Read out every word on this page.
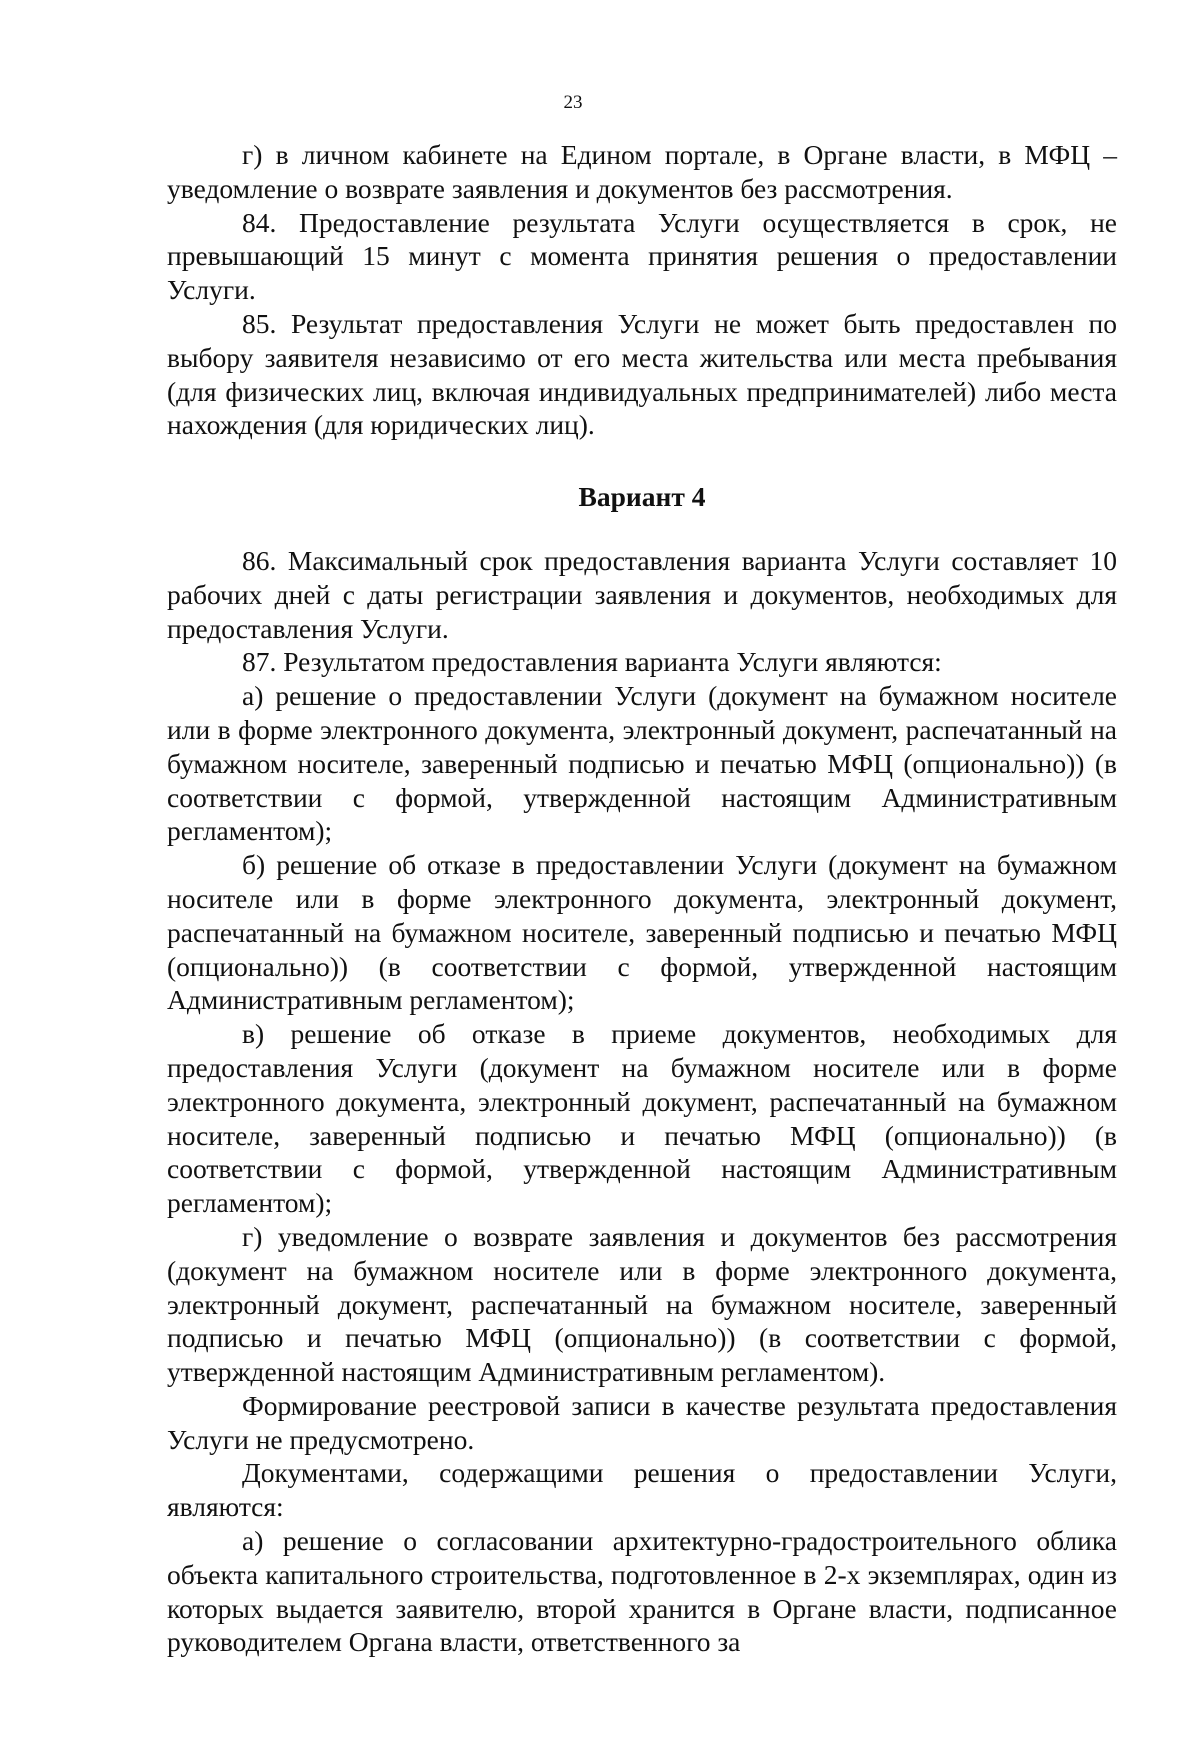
23

г) в личном кабинете на Едином портале, в Органе власти, в МФЦ – уведомление о возврате заявления и документов без рассмотрения.

84. Предоставление результата Услуги осуществляется в срок, не превышающий 15 минут с момента принятия решения о предоставлении Услуги.

85. Результат предоставления Услуги не может быть предоставлен по выбору заявителя независимо от его места жительства или места пребывания (для физических лиц, включая индивидуальных предпринимателей) либо места нахождения (для юридических лиц).

Вариант 4

86. Максимальный срок предоставления варианта Услуги составляет 10 рабочих дней с даты регистрации заявления и документов, необходимых для предоставления Услуги.

87. Результатом предоставления варианта Услуги являются:

а) решение о предоставлении Услуги (документ на бумажном носителе или в форме электронного документа, электронный документ, распечатанный на бумажном носителе, заверенный подписью и печатью МФЦ (опционально)) (в соответствии с формой, утвержденной настоящим Административным регламентом);

б) решение об отказе в предоставлении Услуги (документ на бумажном носителе или в форме электронного документа, электронный документ, распечатанный на бумажном носителе, заверенный подписью и печатью МФЦ (опционально)) (в соответствии с формой, утвержденной настоящим Административным регламентом);

в) решение об отказе в приеме документов, необходимых для предоставления Услуги (документ на бумажном носителе или в форме электронного документа, электронный документ, распечатанный на бумажном носителе, заверенный подписью и печатью МФЦ (опционально)) (в соответствии с формой, утвержденной настоящим Административным регламентом);

г) уведомление о возврате заявления и документов без рассмотрения (документ на бумажном носителе или в форме электронного документа, электронный документ, распечатанный на бумажном носителе, заверенный подписью и печатью МФЦ (опционально)) (в соответствии с формой, утвержденной настоящим Административным регламентом).

Формирование реестровой записи в качестве результата предоставления Услуги не предусмотрено.

Документами, содержащими решения о предоставлении Услуги, являются:

а) решение о согласовании архитектурно-градостроительного облика объекта капитального строительства, подготовленное в 2-х экземплярах, один из которых выдается заявителю, второй хранится в Органе власти, подписанное руководителем Органа власти, ответственного за
